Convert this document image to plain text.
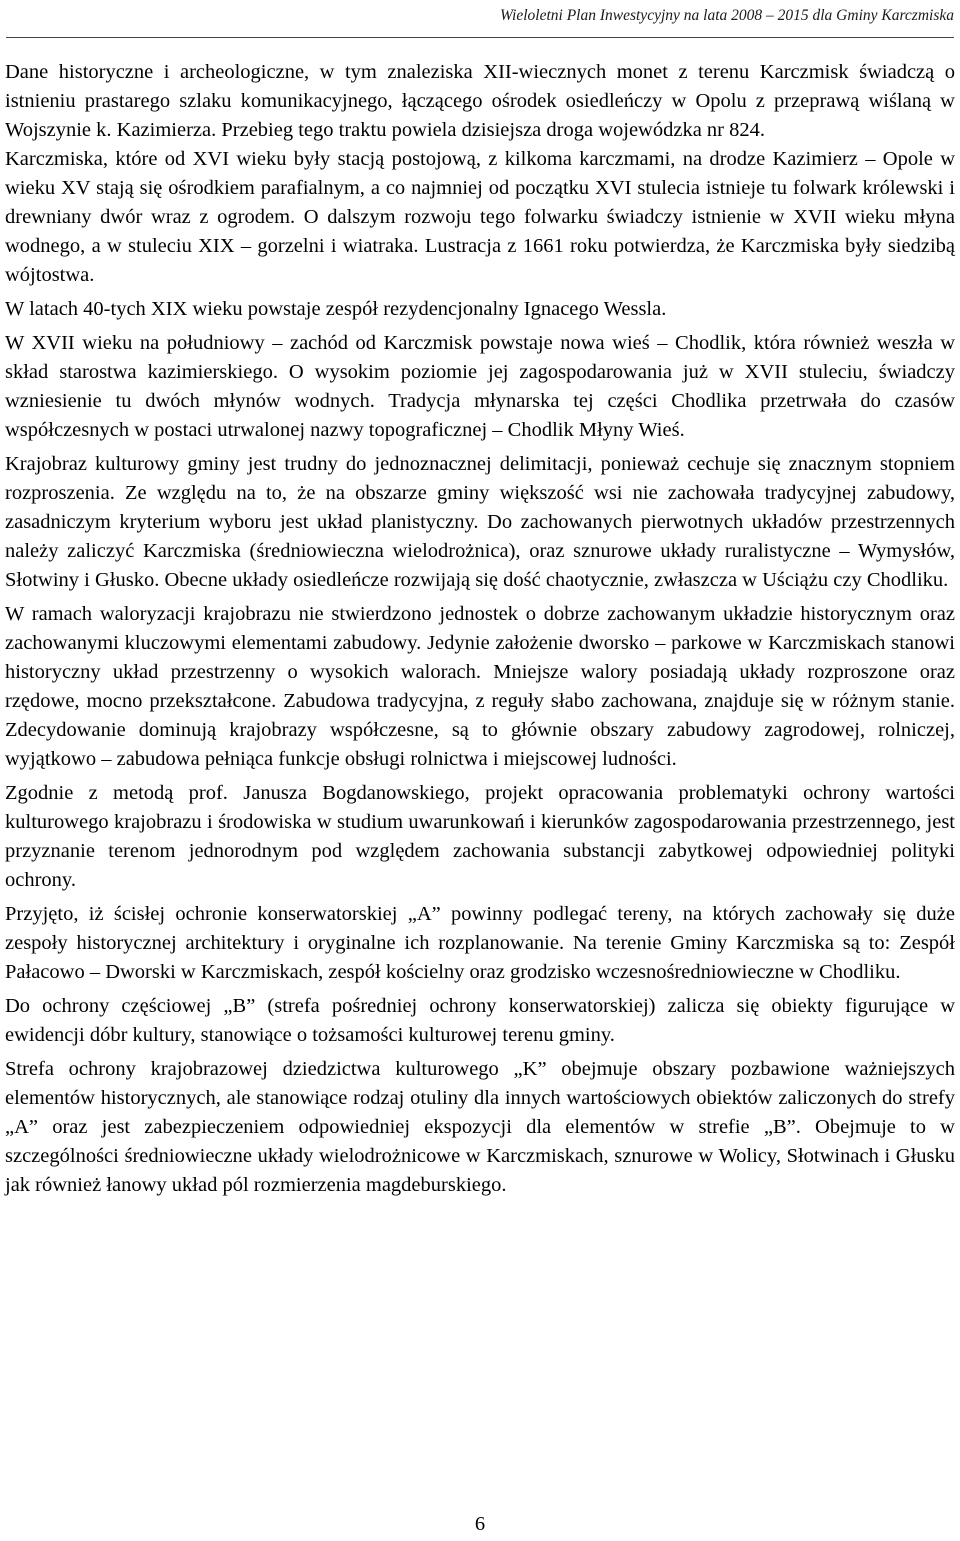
Wieloletni Plan Inwestycyjny na lata 2008 – 2015 dla Gminy Karczmiska

Dane historyczne i archeologiczne, w tym znaleziska XII-wiecznych monet z terenu Karczmisk świadczą o istnieniu prastarego szlaku komunikacyjnego, łączącego ośrodek osiedleńczy w Opolu z przeprawą wiślaną w Wojszynie k. Kazimierza. Przebieg tego traktu powiela dzisiejsza droga wojewódzka nr 824.

Karczmiska, które od XVI wieku były stacją postojową, z kilkoma karczmami, na drodze Kazimierz – Opole w wieku XV stają się ośrodkiem parafialnym, a co najmniej od początku XVI stulecia istnieje tu folwark królewski i drewniany dwór wraz z ogrodem. O dalszym rozwoju tego folwarku świadczy istnienie w XVII wieku młyna wodnego, a w stuleciu XIX – gorzelni i wiatraka. Lustracja z 1661 roku potwierdza, że Karczmiska były siedzibą wójtostwa.

W latach 40-tych XIX wieku powstaje zespół rezydencjonalny Ignacego Wessla.

W XVII wieku na południowy – zachód od Karczmisk powstaje nowa wieś – Chodlik, która również weszła w skład starostwa kazimierskiego. O wysokim poziomie jej zagospodarowania już w XVII stuleciu, świadczy wzniesienie tu dwóch młynów wodnych. Tradycja młynarska tej części Chodlika przetrwała do czasów współczesnych w postaci utrwalonej nazwy topograficznej – Chodlik Młyny Wieś.

Krajobraz kulturowy gminy jest trudny do jednoznacznej delimitacji, ponieważ cechuje się znacznym stopniem rozproszenia. Ze względu na to, że na obszarze gminy większość wsi nie zachowała tradycyjnej zabudowy, zasadniczym kryterium wyboru jest układ planistyczny. Do zachowanych pierwotnych układów przestrzennych należy zaliczyć Karczmiska (średniowieczna wielodrożnica), oraz sznurowe układy ruralistyczne – Wymysłów, Słotwiny i Głusko. Obecne układy osiedleńcze rozwijają się dość chaotycznie, zwłaszcza w Uściążu czy Chodliku.

W ramach waloryzacji krajobrazu nie stwierdzono jednostek o dobrze zachowanym układzie historycznym oraz zachowanymi kluczowymi elementami zabudowy. Jedynie założenie dworsko – parkowe w Karczmiskach stanowi historyczny układ przestrzenny o wysokich walorach. Mniejsze walory posiadają układy rozproszone oraz rzędowe, mocno przekształcone. Zabudowa tradycyjna, z reguły słabo zachowana, znajduje się w różnym stanie. Zdecydowanie dominują krajobrazy współczesne, są to głównie obszary zabudowy zagrodowej, rolniczej, wyjątkowo – zabudowa pełniąca funkcje obsługi rolnictwa i miejscowej ludności.

Zgodnie z metodą prof. Janusza Bogdanowskiego, projekt opracowania problematyki ochrony wartości kulturowego krajobrazu i środowiska w studium uwarunkowań i kierunków zagospodarowania przestrzennego, jest przyznanie terenom jednorodnym pod względem zachowania substancji zabytkowej odpowiedniej polityki ochrony.

Przyjęto, iż ścisłej ochronie konserwatorskiej „A” powinny podlegać tereny, na których zachowały się duże zespoły historycznej architektury i oryginalne ich rozplanowanie. Na terenie Gminy Karczmiska są to: Zespół Pałacowo – Dworski w Karczmiskach, zespół kościelny oraz grodzisko wczesnośredniowieczne w Chodliku.

Do ochrony częściowej „B” (strefa pośredniej ochrony konserwatorskiej) zalicza się obiekty figurujące w ewidencji dóbr kultury, stanowiące o tożsamości kulturowej terenu gminy.

Strefa ochrony krajobrazowej dziedzictwa kulturowego „K” obejmuje obszary pozbawione ważniejszych elementów historycznych, ale stanowiące rodzaj otuliny dla innych wartościowych obiektów zaliczonych do strefy „A” oraz jest zabezpieczeniem odpowiedniej ekspozycji dla elementów w strefie „B”. Obejmuje to w szczególności średniowieczne układy wielodrożnicowe w Karczmiskach, sznurowe w Wolicy, Słotwinach i Głusku jak również łanowy układ pól rozmierzenia magdeburskiego.

6
